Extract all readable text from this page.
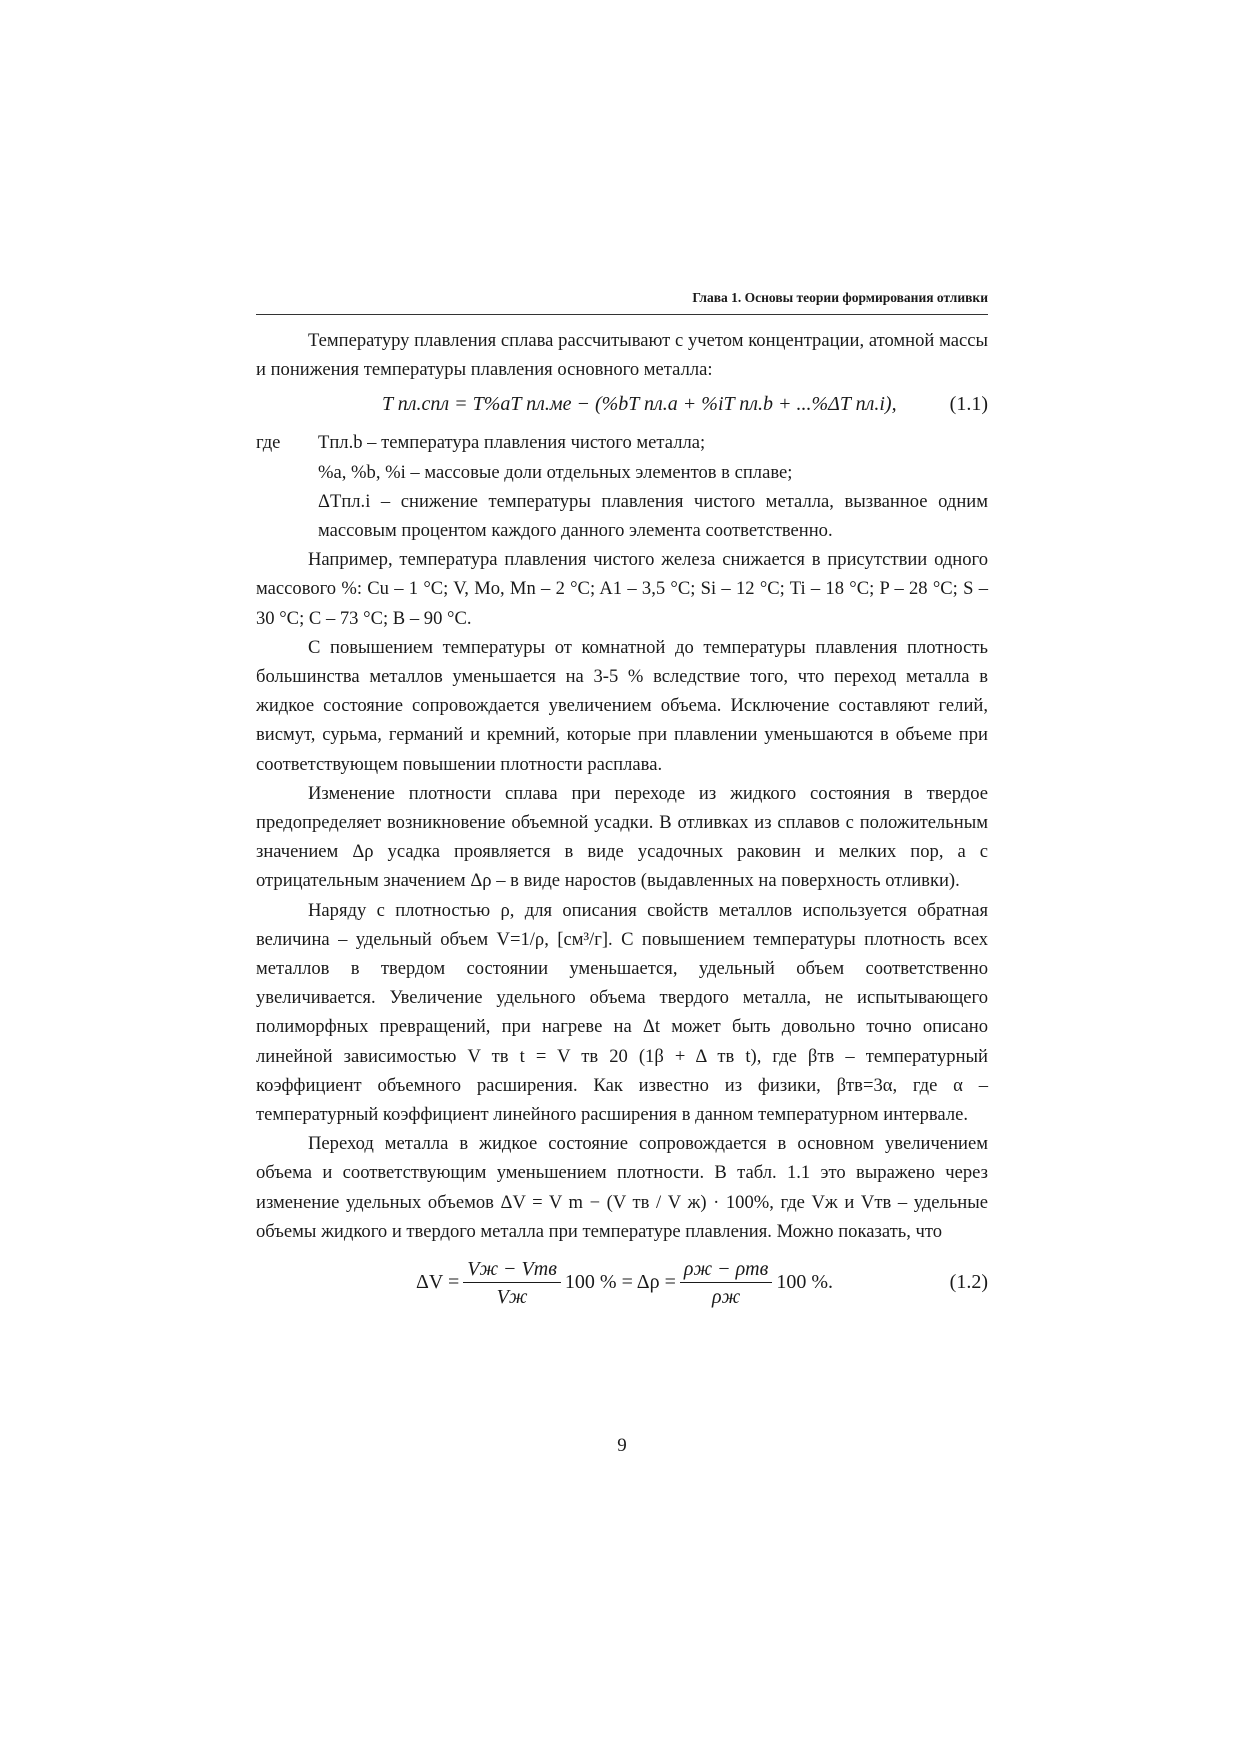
Глава 1. Основы теории формирования отливки

Температуру плавления сплава рассчитывают с учетом концентрации, атомной массы и понижения температуры плавления основного металла:

T пл.спл = T%aT пл.ме − (%bT пл.a + %iT пл.b + ...%ΔT пл.i),	(1.1)
где Tпл.b – температура плавления чистого металла;
%a, %b, %i – массовые доли отдельных элементов в сплаве;
ΔTпл.i – снижение температуры плавления чистого металла, вызванное одним массовым процентом каждого данного элемента соответственно.

Например, температура плавления чистого железа снижается в присутствии одного массового %: Cu – 1 °C; V, Mo, Mn – 2 °C; A1 – 3,5 °C; Si – 12 °C; Ti – 18 °C; P – 28 °C; S – 30 °C; C – 73 °C; B – 90 °C.

С повышением температуры от комнатной до температуры плавления плотность большинства металлов уменьшается на 3-5 % вследствие того, что переход металла в жидкое состояние сопровождается увеличением объема. Исключение составляют гелий, висмут, сурьма, германий и кремний, которые при плавлении уменьшаются в объеме при соответствующем повышении плотности расплава.

Изменение плотности сплава при переходе из жидкого состояния в твердое предопределяет возникновение объемной усадки. В отливках из сплавов с положительным значением Δρ усадка проявляется в виде усадочных раковин и мелких пор, а с отрицательным значением Δρ – в виде наростов (выдавленных на поверхность отливки).

Наряду с плотностью ρ, для описания свойств металлов используется обратная величина – удельный объем V=1/ρ, [см³/г]. С повышением температуры плотность всех металлов в твердом состоянии уменьшается, удельный объем соответственно увеличивается. Увеличение удельного объема твердого металла, не испытывающего полиморфных превращений, при нагреве на Δt может быть довольно точно описано линейной зависимостью V тв t = V тв 20 (1β + Δ тв t), где βтв – температурный коэффициент объемного расширения. Как известно из физики, βтв=3α, где α – температурный коэффициент линейного расширения в данном температурном интервале.

Переход металла в жидкое состояние сопровождается в основном увеличением объема и соответствующим уменьшением плотности. В табл. 1.1 это выражено через изменение удельных объемов ΔV = V m − (V тв / V ж) · 100%, где Vж и Vтв – удельные объемы жидкого и твердого металла при температуре плавления. Можно показать, что

$\Delta V = \frac{\text{Vж − Vтв}}{Vж} 100$ % = $\Delta\rho = \frac{\text{ρж − ρтв}}{\rho ж} 100$ %.	(1.2)
9
